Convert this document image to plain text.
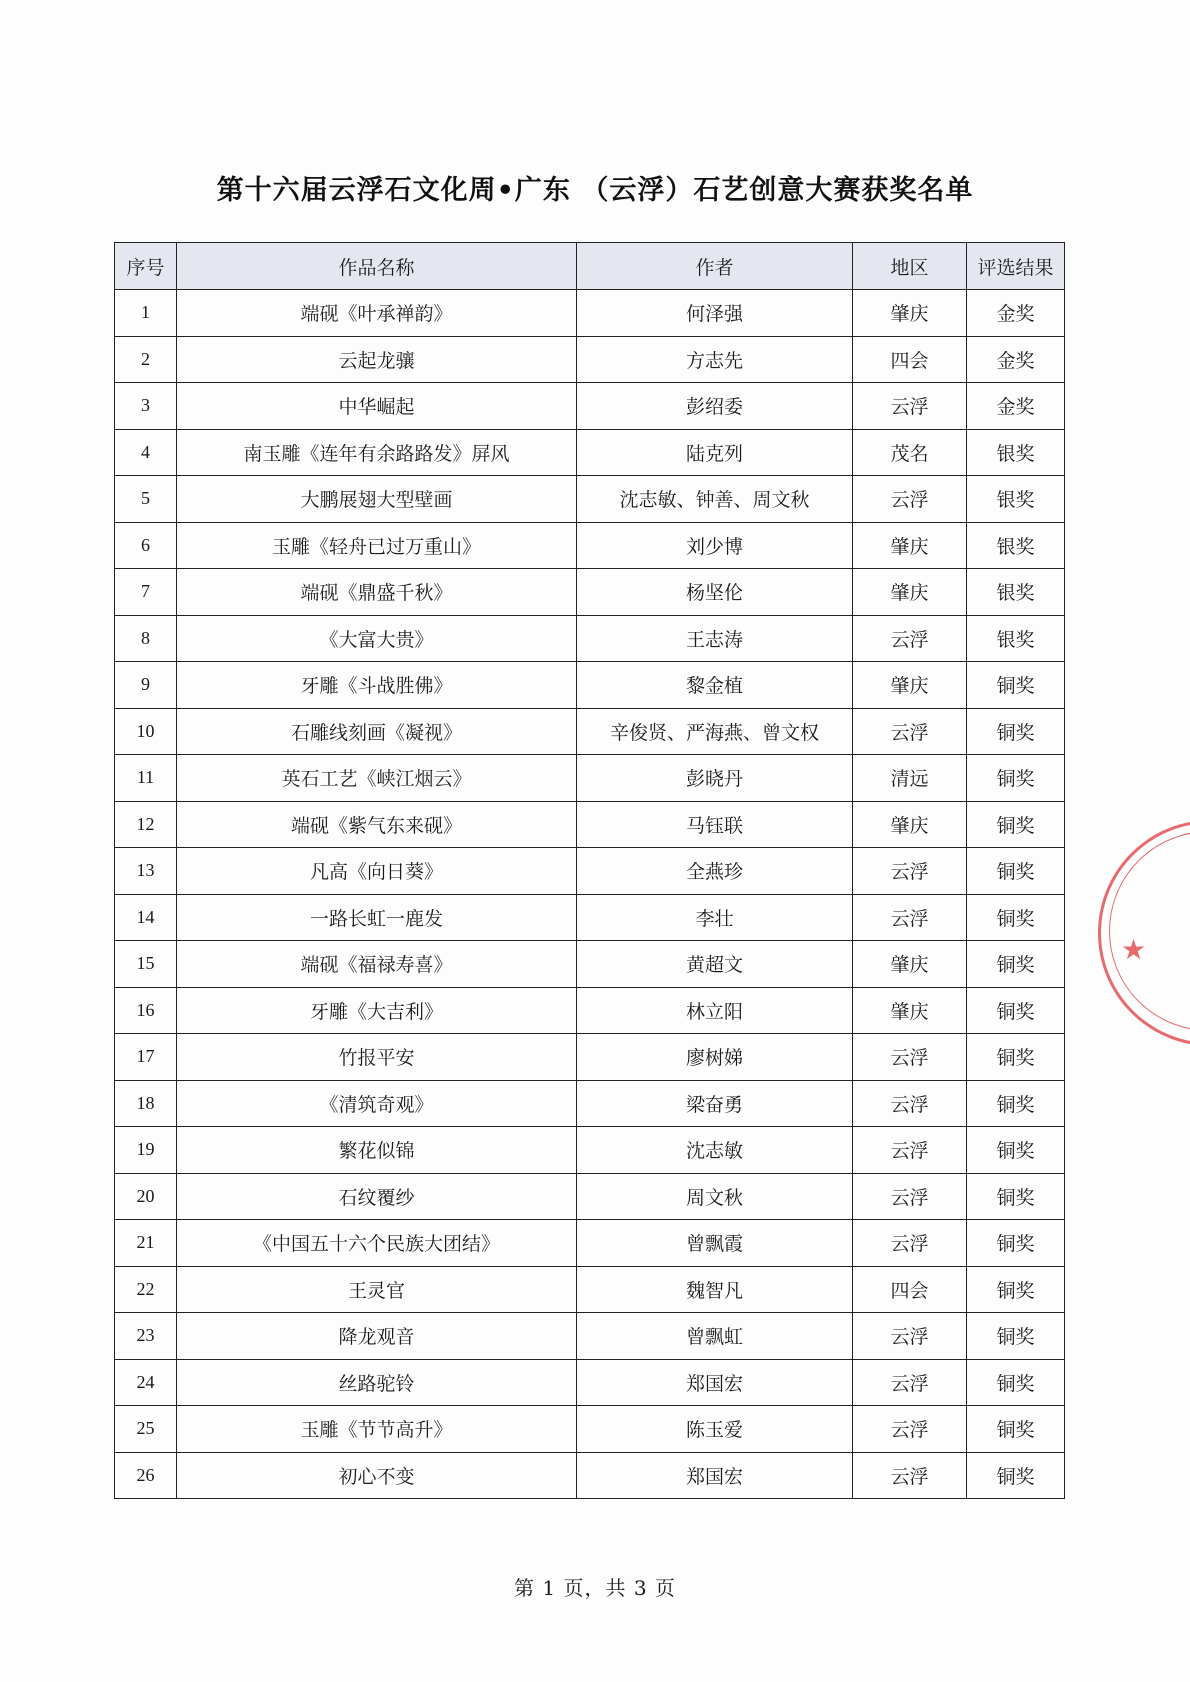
第十六届云浮石文化周•广东 （云浮）石艺创意大赛获奖名单
序号	作品名称	作者	地区	评选结果
1	端砚《叶承禅韵》	何泽强	肇庆	金奖
2	云起龙骧	方志先	四会	金奖
3	中华崛起	彭绍委	云浮	金奖
4	南玉雕《连年有余路路发》屏风	陆克列	茂名	银奖
5	大鹏展翅大型壁画	沈志敏、钟善、周文秋	云浮	银奖
6	玉雕《轻舟已过万重山》	刘少博	肇庆	银奖
7	端砚《鼎盛千秋》	杨坚伦	肇庆	银奖
8	《大富大贵》	王志涛	云浮	银奖
9	牙雕《斗战胜佛》	黎金植	肇庆	铜奖
10	石雕线刻画《凝视》	辛俊贤、严海燕、曾文权	云浮	铜奖
11	英石工艺《峡江烟云》	彭晓丹	清远	铜奖
12	端砚《紫气东来砚》	马钰联	肇庆	铜奖
13	凡高《向日葵》	全燕珍	云浮	铜奖
14	一路长虹一鹿发	李壮	云浮	铜奖
15	端砚《福禄寿喜》	黄超文	肇庆	铜奖
16	牙雕《大吉利》	林立阳	肇庆	铜奖
17	竹报平安	廖树娣	云浮	铜奖
18	《清筑奇观》	梁奋勇	云浮	铜奖
19	繁花似锦	沈志敏	云浮	铜奖
20	石纹覆纱	周文秋	云浮	铜奖
21	《中国五十六个民族大团结》	曾飘霞	云浮	铜奖
22	王灵官	魏智凡	四会	铜奖
23	降龙观音	曾飘虹	云浮	铜奖
24	丝路驼铃	郑国宏	云浮	铜奖
25	玉雕《节节高升》	陈玉爱	云浮	铜奖
26	初心不变	郑国宏	云浮	铜奖
第 1 页，共 3 页
★
